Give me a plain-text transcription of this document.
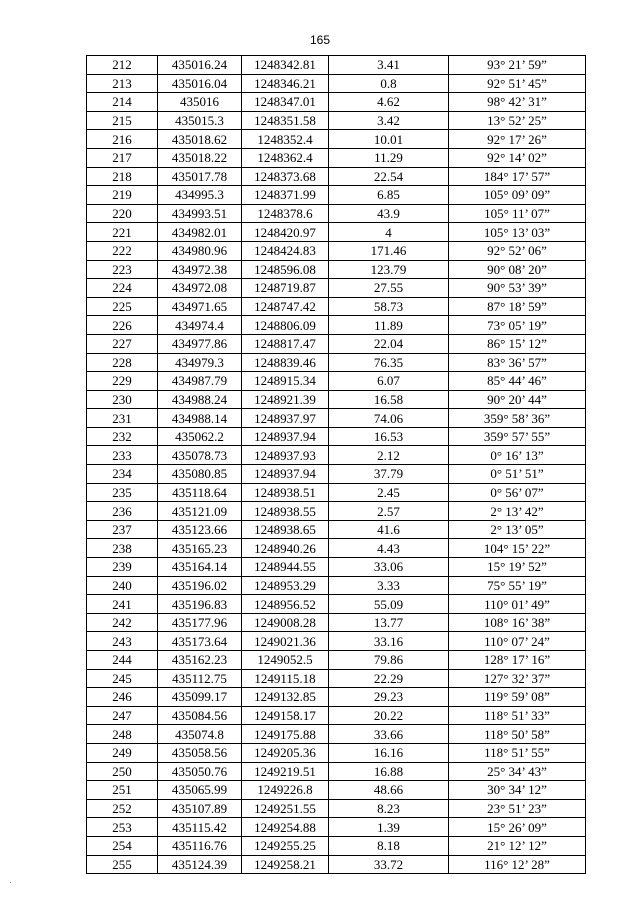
165
212	435016.24	1248342.81	3.41	93° 21’ 59”
213	435016.04	1248346.21	0.8	92° 51’ 45”
214	435016	1248347.01	4.62	98° 42’ 31”
215	435015.3	1248351.58	3.42	13° 52’ 25”
216	435018.62	1248352.4	10.01	92° 17’ 26”
217	435018.22	1248362.4	11.29	92° 14’ 02”
218	435017.78	1248373.68	22.54	184° 17’ 57”
219	434995.3	1248371.99	6.85	105° 09’ 09”
220	434993.51	1248378.6	43.9	105° 11’ 07”
221	434982.01	1248420.97	4	105° 13’ 03”
222	434980.96	1248424.83	171.46	92° 52’ 06”
223	434972.38	1248596.08	123.79	90° 08’ 20”
224	434972.08	1248719.87	27.55	90° 53’ 39”
225	434971.65	1248747.42	58.73	87° 18’ 59”
226	434974.4	1248806.09	11.89	73° 05’ 19”
227	434977.86	1248817.47	22.04	86° 15’ 12”
228	434979.3	1248839.46	76.35	83° 36’ 57”
229	434987.79	1248915.34	6.07	85° 44’ 46”
230	434988.24	1248921.39	16.58	90° 20’ 44”
231	434988.14	1248937.97	74.06	359° 58’ 36”
232	435062.2	1248937.94	16.53	359° 57’ 55”
233	435078.73	1248937.93	2.12	0° 16’ 13”
234	435080.85	1248937.94	37.79	0° 51’ 51”
235	435118.64	1248938.51	2.45	0° 56’ 07”
236	435121.09	1248938.55	2.57	2° 13’ 42”
237	435123.66	1248938.65	41.6	2° 13’ 05”
238	435165.23	1248940.26	4.43	104° 15’ 22”
239	435164.14	1248944.55	33.06	15° 19’ 52”
240	435196.02	1248953.29	3.33	75° 55’ 19”
241	435196.83	1248956.52	55.09	110° 01’ 49”
242	435177.96	1249008.28	13.77	108° 16’ 38”
243	435173.64	1249021.36	33.16	110° 07’ 24”
244	435162.23	1249052.5	79.86	128° 17’ 16”
245	435112.75	1249115.18	22.29	127° 32’ 37”
246	435099.17	1249132.85	29.23	119° 59’ 08”
247	435084.56	1249158.17	20.22	118° 51’ 33”
248	435074.8	1249175.88	33.66	118° 50’ 58”
249	435058.56	1249205.36	16.16	118° 51’ 55”
250	435050.76	1249219.51	16.88	25° 34’ 43”
251	435065.99	1249226.8	48.66	30° 34’ 12”
252	435107.89	1249251.55	8.23	23° 51’ 23”
253	435115.42	1249254.88	1.39	15° 26’ 09”
254	435116.76	1249255.25	8.18	21° 12’ 12”
255	435124.39	1249258.21	33.72	116° 12’ 28”
